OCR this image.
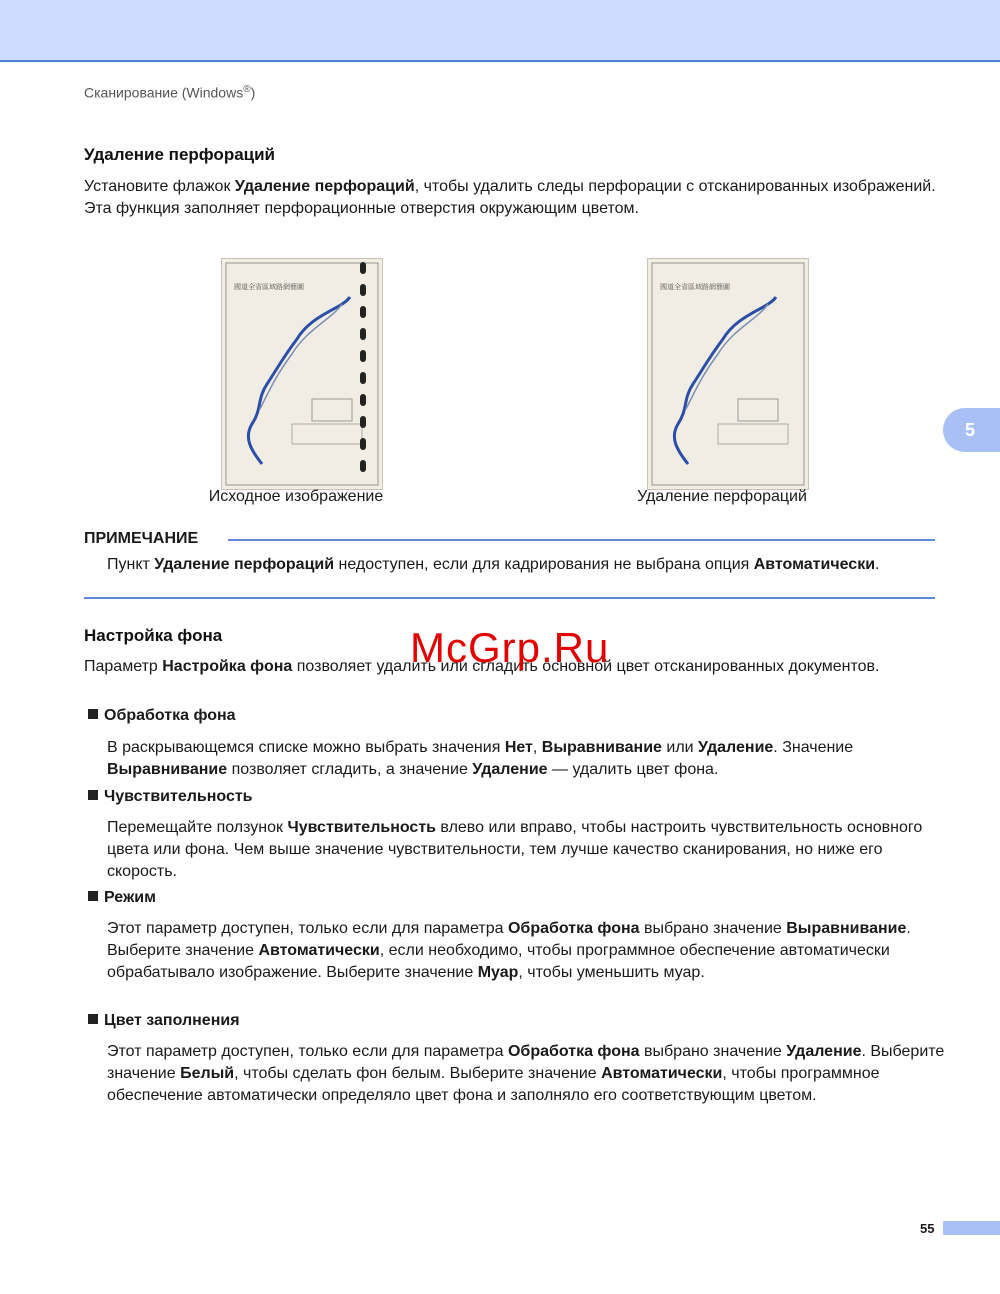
Сканирование (Windows®)
Удаление перфораций

Установите флажок Удаление перфораций, чтобы удалить следы перфорации с отсканированных изображений. Эта функция заполняет перфорационные отверстия окружающим цветом.

國道全省區域路網簡圖	國道全省區域路網簡圖
Исходное изображение	Удаление перфораций
5
ПРИМЕЧАНИЕ

Пункт Удаление перфораций недоступен, если для кадрирования не выбрана опция Автоматически.

Настройка фона

Параметр Настройка фона позволяет удалить или сгладить основной цвет отсканированных документов.

McGrp.Ru
Обработка фона

В раскрывающемся списке можно выбрать значения Нет, Выравнивание или Удаление. Значение Выравнивание позволяет сгладить, а значение Удаление — удалить цвет фона.

Чувствительность

Перемещайте ползунок Чувствительность влево или вправо, чтобы настроить чувствительность основного цвета или фона. Чем выше значение чувствительности, тем лучше качество сканирования, но ниже его скорость.

Режим

Этот параметр доступен, только если для параметра Обработка фона выбрано значение Выравнивание. Выберите значение Автоматически, если необходимо, чтобы программное обеспечение автоматически обрабатывало изображение. Выберите значение Муар, чтобы уменьшить муар.

Цвет заполнения

Этот параметр доступен, только если для параметра Обработка фона выбрано значение Удаление. Выберите значение Белый, чтобы сделать фон белым. Выберите значение Автоматически, чтобы программное обеспечение автоматически определяло цвет фона и заполняло его соответствующим цветом.

55
